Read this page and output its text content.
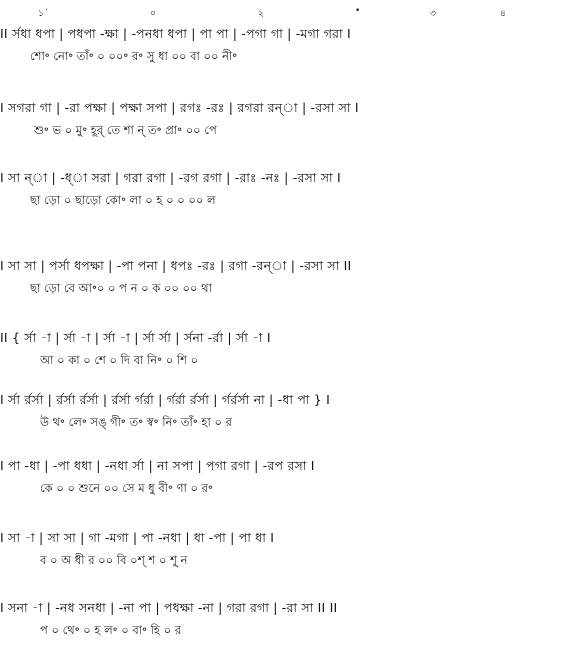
১´	০	২	•	৩	৪
II র্সধা ধপা | পধপা -ক্ষা | -পনধা ধপা | পা পা | -পগা গা | -মগা গরা I
শো॰ নো॰ তাঁ॰ ০ ০০॰ র॰ সু ধা ০০ বা ০০ নী॰
I সগরা গা | -রা পক্ষা | পক্ষা সপা | রগঃ -রঃ | রগরা রন্া | -রসা সা I
শু॰ ভ ০ মু॰ হূর্ তে শা ন্ ত॰ প্রা॰ ০০ পে
I সা ন্া | -ধ্া সরা | গরা রগা | -রগ রগা | -রাঃ -নঃ | -রসা সা I
ছা ড়ো ০ ছাড়ো কো॰ লা ০ হ ০ ০ ০০ ল
I সা সা | পর্সা ধপক্ষা | -পা পনা | ধপঃ -রঃ | রগা -রন্া | -রসা সা II
ছা ড়ো বে আ॰০ ০ প ন ০ ক ০০ ০০ থা
II { র্সা -া | র্সা -া | র্সা -া | র্সা র্সা | র্সনা -র্রা | র্সা -া I
আ ০ কা ০ শে ০ দি বা নি॰ ০ শি ০
I র্সা র্রর্সা | র্রর্সা র্রর্সা | র্রর্সা র্গর্রা | র্গর্রা র্রর্সা | র্গর্রর্সা না | -ধা পা } I
উ থ॰ লে॰ সঙ্ গী॰ ত॰ স্ব॰ নি॰ তাঁ॰ হা ০ র
I পা -ধা | -পা ধধা | -নধা র্সা | না সপা | পগা রগা | -রপ রসা I
কে ০ ০ শুনে ০০ সে ম ধু বী॰ ণা ০ র॰
I সা -া | সা সা | গা -মগা | পা -নধা | ধা -পা | পা ধা I
ব ০ অ ধী র ০০ বি ০শ্ শ ০ শূ্ ন
I সনা -া | -নধ সনধা | -না পা | পধক্ষা -না | গরা রগা | -রা সা II II
প ০ থে॰ ০ হ ল॰ ০ বা॰ হি ০ র
